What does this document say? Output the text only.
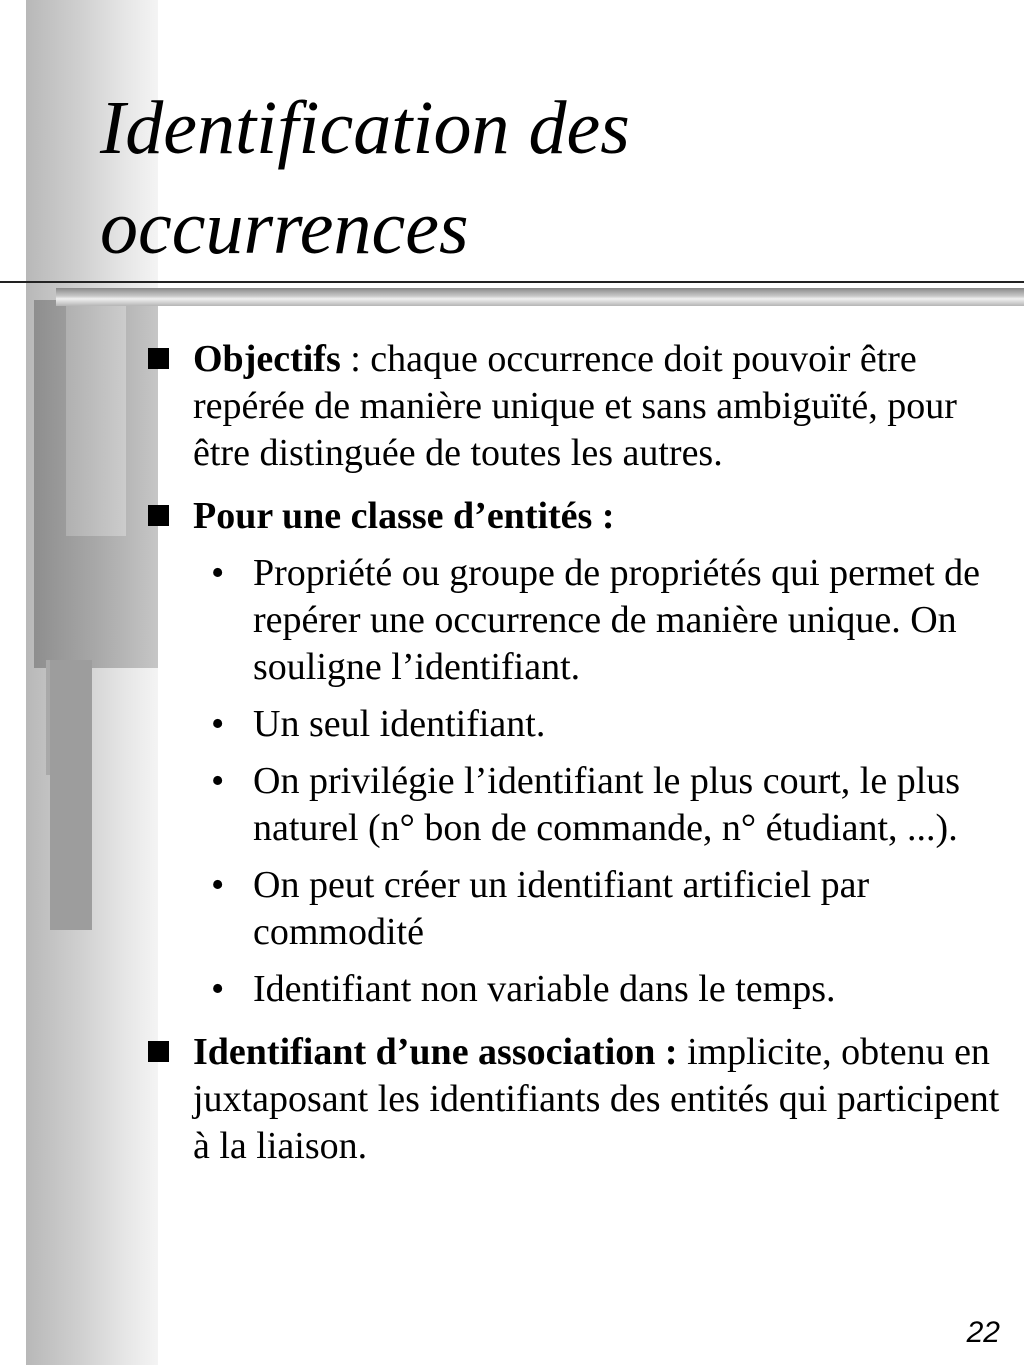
Identification des
occurrences
Objectifs : chaque occurrence doit pouvoir être repérée de manière unique et sans ambiguïté, pour être distinguée de toutes les autres.
Pour une classe d’entités :
• Propriété ou groupe de propriétés qui permet de repérer une occurrence de manière unique. On souligne l’identifiant.
• Un seul identifiant.
• On privilégie l’identifiant le plus court, le plus naturel (n° bon de commande, n° étudiant, ...).
• On peut créer un identifiant artificiel par commodité
• Identifiant non variable dans le temps.
Identifiant d’une association : implicite, obtenu en juxtaposant les identifiants des entités qui participent à la liaison.
22
